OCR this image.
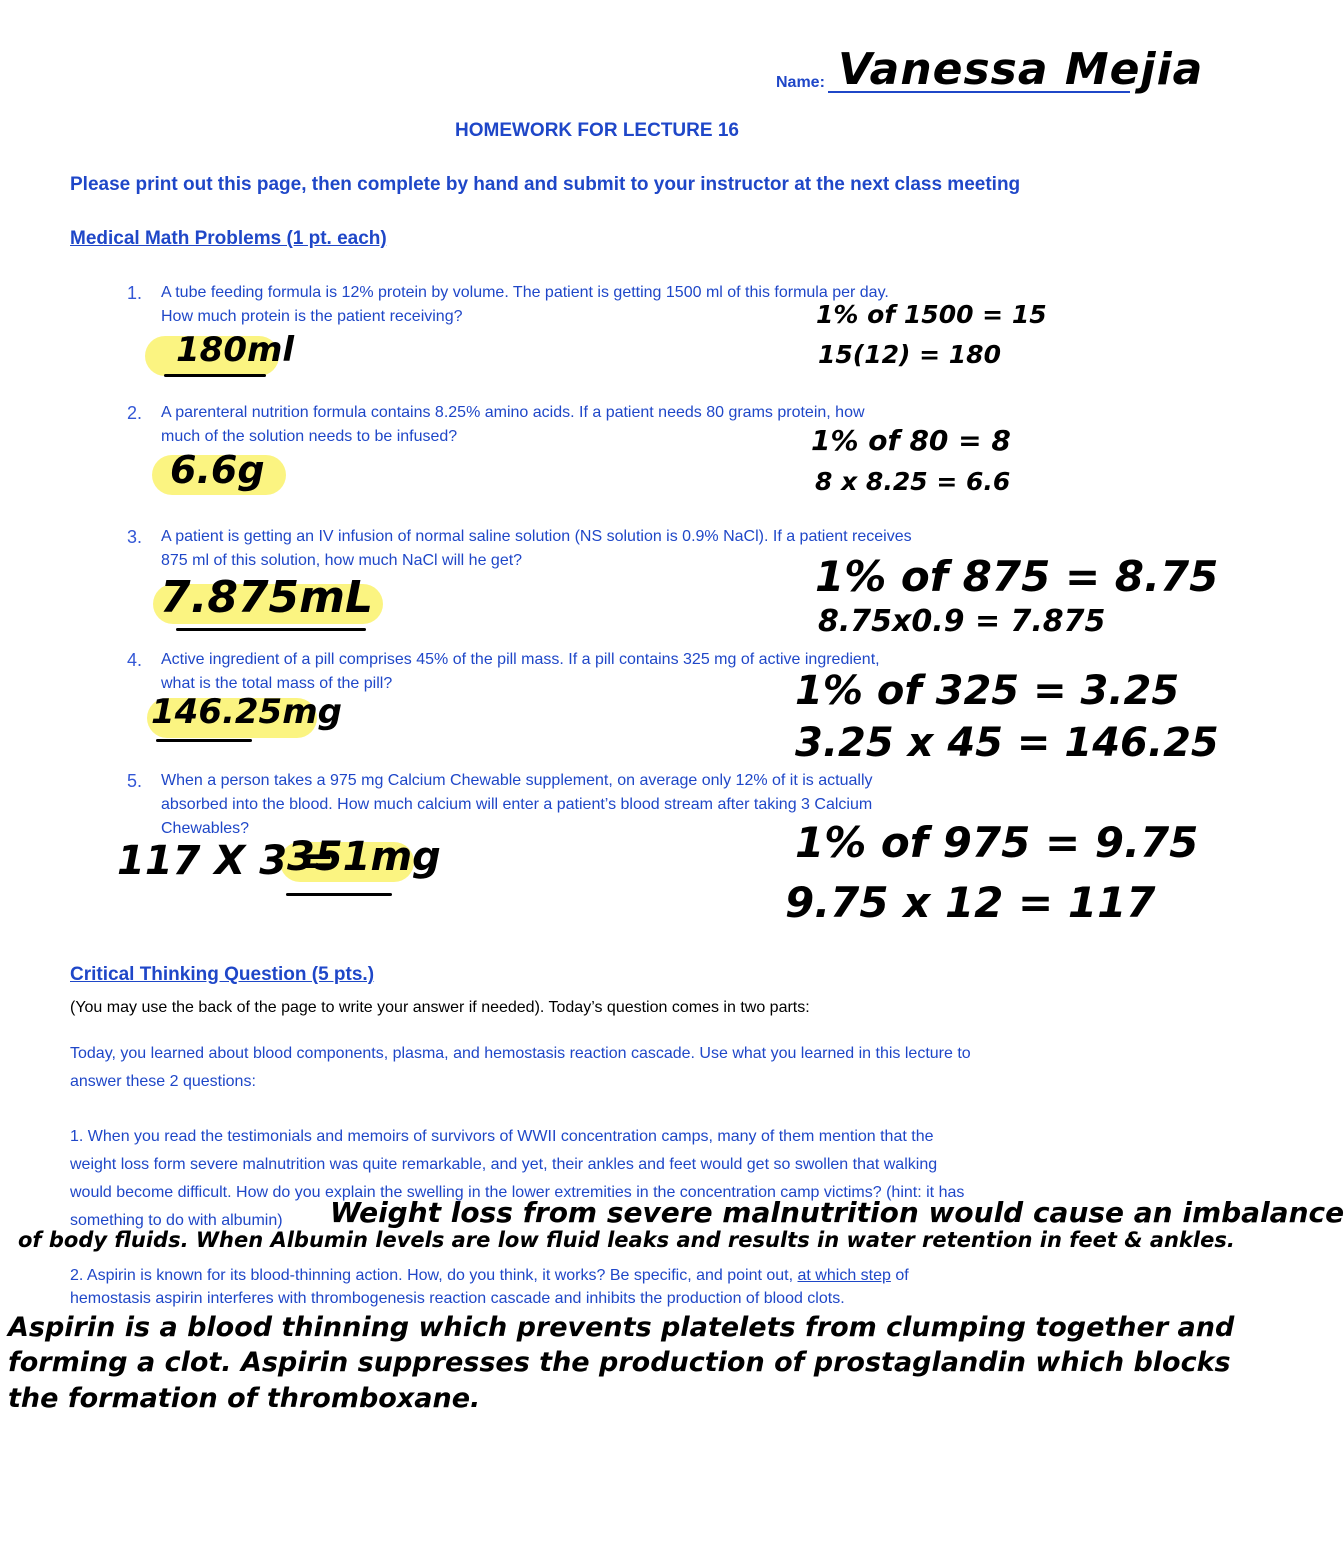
Name: Vanessa Mejia
HOMEWORK FOR LECTURE 16
Please print out this page, then complete by hand and submit to your instructor at the next class meeting
Medical Math Problems (1 pt. each)
1. A tube feeding formula is 12% protein by volume. The patient is getting 1500 ml of this formula per day.
How much protein is the patient receiving?
180ml
1% of 1500 = 15
15(12) = 180
2. A parenteral nutrition formula contains 8.25% amino acids. If a patient needs 80 grams protein, how
much of the solution needs to be infused?
6.6g
1% of 80 = 8
8 x 8.25 = 6.6
3. A patient is getting an IV infusion of normal saline solution (NS solution is 0.9% NaCl). If a patient receives
875 ml of this solution, how much NaCl will he get?
7.875mL	1% of 875 = 8.75
8.75x0.9 = 7.875
4. Active ingredient of a pill comprises 45% of the pill mass. If a pill contains 325 mg of active ingredient,
what is the total mass of the pill?
146.25mg	1% of 325 = 3.25
3.25 x 45 = 146.25
5. When a person takes a 975 mg Calcium Chewable supplement, on average only 12% of it is actually
absorbed into the blood. How much calcium will enter a patient’s blood stream after taking 3 Calcium
Chewables?
117 X 3 =
351mg	1% of 975 = 9.75
9.75 x 12 = 117
Critical Thinking Question (5 pts.)
(You may use the back of the page to write your answer if needed). Today’s question comes in two parts:
Today, you learned about blood components, plasma, and hemostasis reaction cascade. Use what you learned in this lecture to
answer these 2 questions:
1. When you read the testimonials and memoirs of survivors of WWII concentration camps, many of them mention that the
weight loss form severe malnutrition was quite remarkable, and yet, their ankles and feet would get so swollen that walking
would become difficult. How do you explain the swelling in the lower extremities in the concentration camp victims? (hint: it has
something to do with albumin) Weight loss from severe malnutrition would cause an imbalance
of body fluids. When Albumin levels are low fluid leaks and results in water retention in feet & ankles.
2. Aspirin is known for its blood-thinning action. How, do you think, it works? Be specific, and point out, at which step of
hemostasis aspirin interferes with thrombogenesis reaction cascade and inhibits the production of blood clots.
Aspirin is a blood thinning which prevents platelets from clumping together and
forming a clot. Aspirin suppresses the production of prostaglandin which blocks
the formation of thromboxane.
